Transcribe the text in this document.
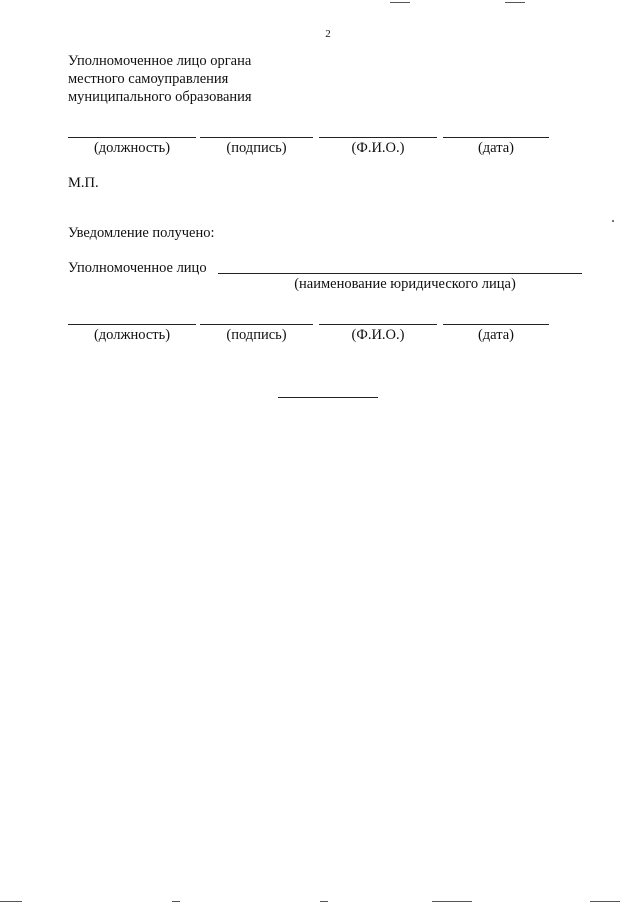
2
Уполномоченное лицо органа
местного самоуправления
муниципального образования
(должность)	(подпись)	(Ф.И.О.)	(дата)
М.П.
Уведомление получено:
Уполномоченное лицо
(наименование юридического лица)
(должность)	(подпись)	(Ф.И.О.)	(дата)
